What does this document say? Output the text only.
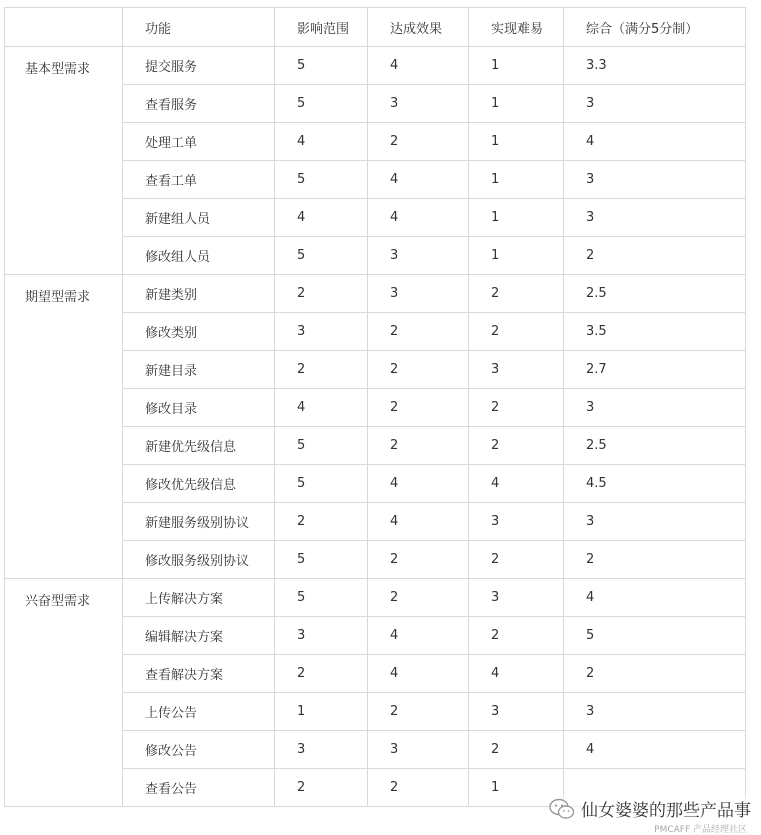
	功能	影响范围	达成效果	实现难易	综合（满分5分制）
基本型需求	提交服务	5	4	1	3.3
	查看服务	5	3	1	3
	处理工单	4	2	1	4
	查看工单	5	4	1	3
	新建组人员	4	4	1	3
	修改组人员	5	3	1	2
期望型需求	新建类别	2	3	2	2.5
	修改类别	3	2	2	3.5
	新建目录	2	2	3	2.7
	修改目录	4	2	2	3
	新建优先级信息	5	2	2	2.5
	修改优先级信息	5	4	4	4.5
	新建服务级别协议	2	4	3	3
	修改服务级别协议	5	2	2	2
兴奋型需求	上传解决方案	5	2	3	4
	编辑解决方案	3	4	2	5
	查看解决方案	2	4	4	2
	上传公告	1	2	3	3
	修改公告	3	3	2	4
	查看公告	2	2	1	
仙女婆婆的那些产品事
PMCAFF 产品经理社区
